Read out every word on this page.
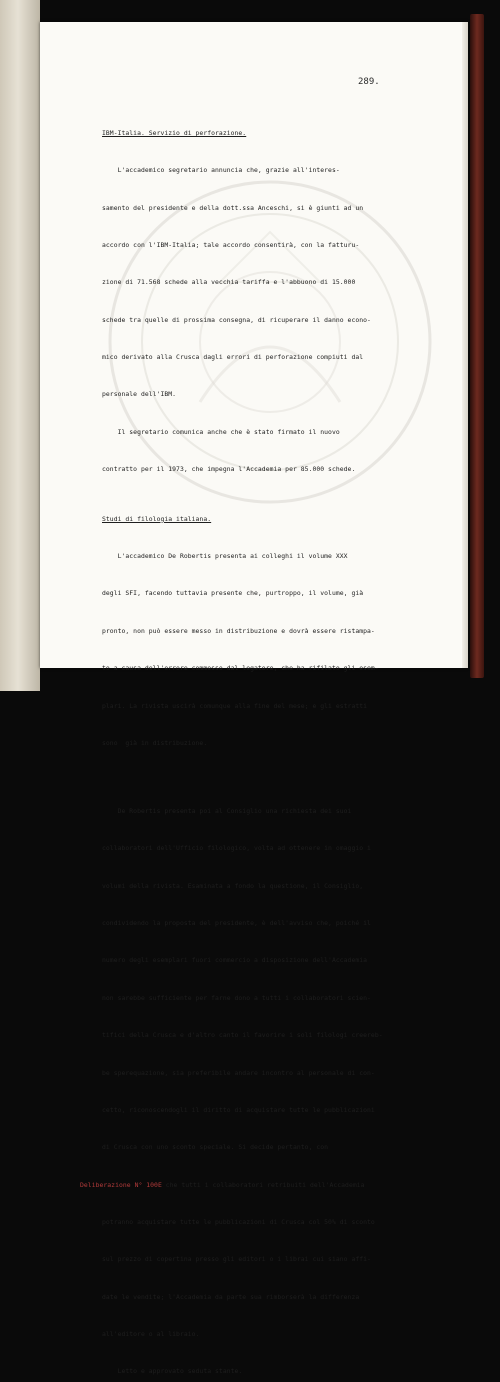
289.

IBM-Italia. Servizio di perforazione.

L'accademico segretario annuncia che, grazie all'interes-

samento del presidente e della dott.ssa Anceschi, si è giunti ad un

accordo con l'IBM-Italia; tale accordo consentirà, con la fatturu-

zione di 71.568 schede alla vecchia tariffa e l'abbuono di 15.000

schede tra quelle di prossima consegna, di ricuperare il danno econo-

mico derivato alla Crusca dagli errori di perforazione compiuti dal

personale dell'IBM.

Il segretario comunica anche che è stato firmato il nuovo

contratto per il 1973, che impegna l'Accademia per 85.000 schede.

Studi di filologia italiana.

L'accademico De Robertis presenta ai colleghi il volume XXX

degli SFI, facendo tuttavia presente che, purtroppo, il volume, già

pronto, non può essere messo in distribuzione e dovrà essere ristampa-

to a causa dell'errore commesso dal legatore, che ha rifilato gli esem-

plari. La rivista uscirà comunque alla fine del mese; e gli estratti

sono  già in distribuzione.

De Robertis presenta poi al Consiglio una richiesta dei suoi

collaboratori dell'Ufficio filologico, volta ad ottenere in omaggio i

volumi della rivista. Esaminata a fondo la questione, il Consiglio,

condividendo la proposta del presidente, è dell'avviso che, poiché il

numero degli esemplari fuori commercio a disposizione dell'Accademia

non sarebbe sufficiente per farne dono a tutti i collaboratori scien-

tifici della Crusca e d'altro canto il favorire i soli filologi creereb-

be sperequazione, sia preferibile andare incontro al personale di con-

cetto, riconoscendogli il diritto di acquistare tutte le pubblicazioni

di Crusca con uno sconto speciale. Si decide pertanto, con

Deliberazione N° 100E che tutti i collaboratori retribuiti dell'Accademia

potranno acquistare tutte le pubblicazioni di Crusca col 50% di sconto

sul prezzo di copertina presso gli editori o i librai cui siano affi-

date le vendite; l'Accademia da parte sua rimborserà la differenza

all'editore o al libraio.

Letto e approvato seduta stante.
